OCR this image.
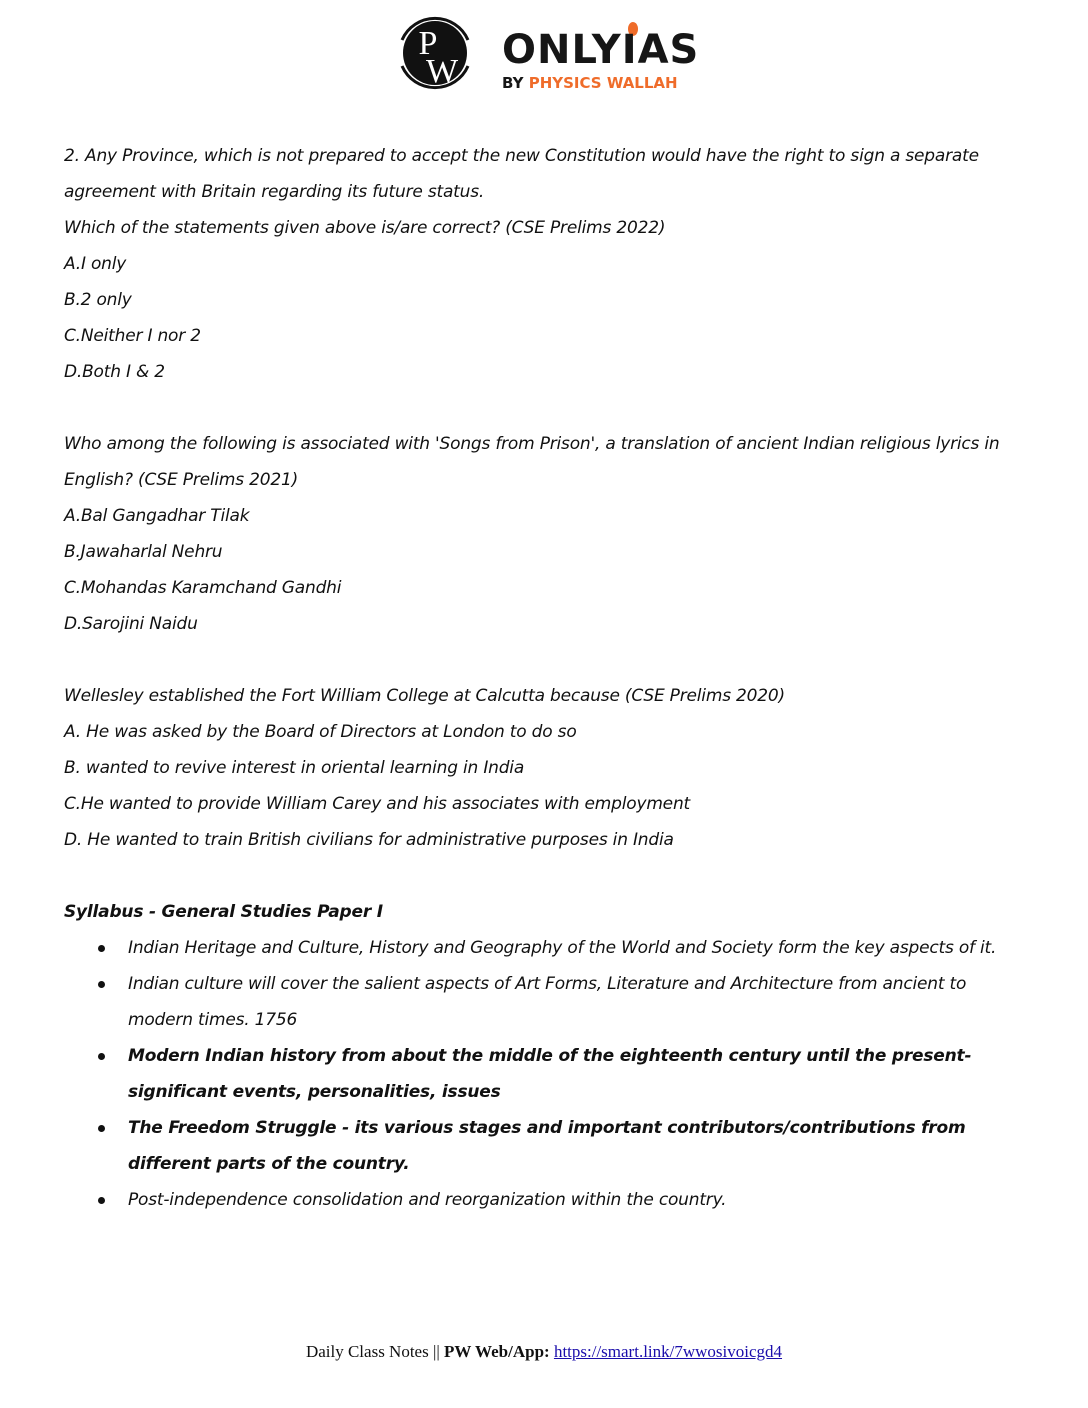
P
W ONLYIAS
BY PHYSICS WALLAH
2. Any Province, which is not prepared to accept the new Constitution would have the right to sign a separate
agreement with Britain regarding its future status.
Which of the statements given above is/are correct? (CSE Prelims 2022)
A.I only
B.2 only
C.Neither I nor 2
D.Both I & 2
Who among the following is associated with 'Songs from Prison', a translation of ancient Indian religious lyrics in
English? (CSE Prelims 2021)
A.Bal Gangadhar Tilak
B.Jawaharlal Nehru
C.Mohandas Karamchand Gandhi
D.Sarojini Naidu
Wellesley established the Fort William College at Calcutta because (CSE Prelims 2020)
A. He was asked by the Board of Directors at London to do so
B. wanted to revive interest in oriental learning in India
C.He wanted to provide William Carey and his associates with employment
D. He wanted to train British civilians for administrative purposes in India
Syllabus - General Studies Paper I
Indian Heritage and Culture, History and Geography of the World and Society form the key aspects of it.
Indian culture will cover the salient aspects of Art Forms, Literature and Architecture from ancient to modern times. 1756
Modern Indian history from about the middle of the eighteenth century until the present- significant events, personalities, issues
The Freedom Struggle - its various stages and important contributors/contributions from different parts of the country.
Post-independence consolidation and reorganization within the country.
Daily Class Notes || PW Web/App: https://smart.link/7wwosivoicgd4
